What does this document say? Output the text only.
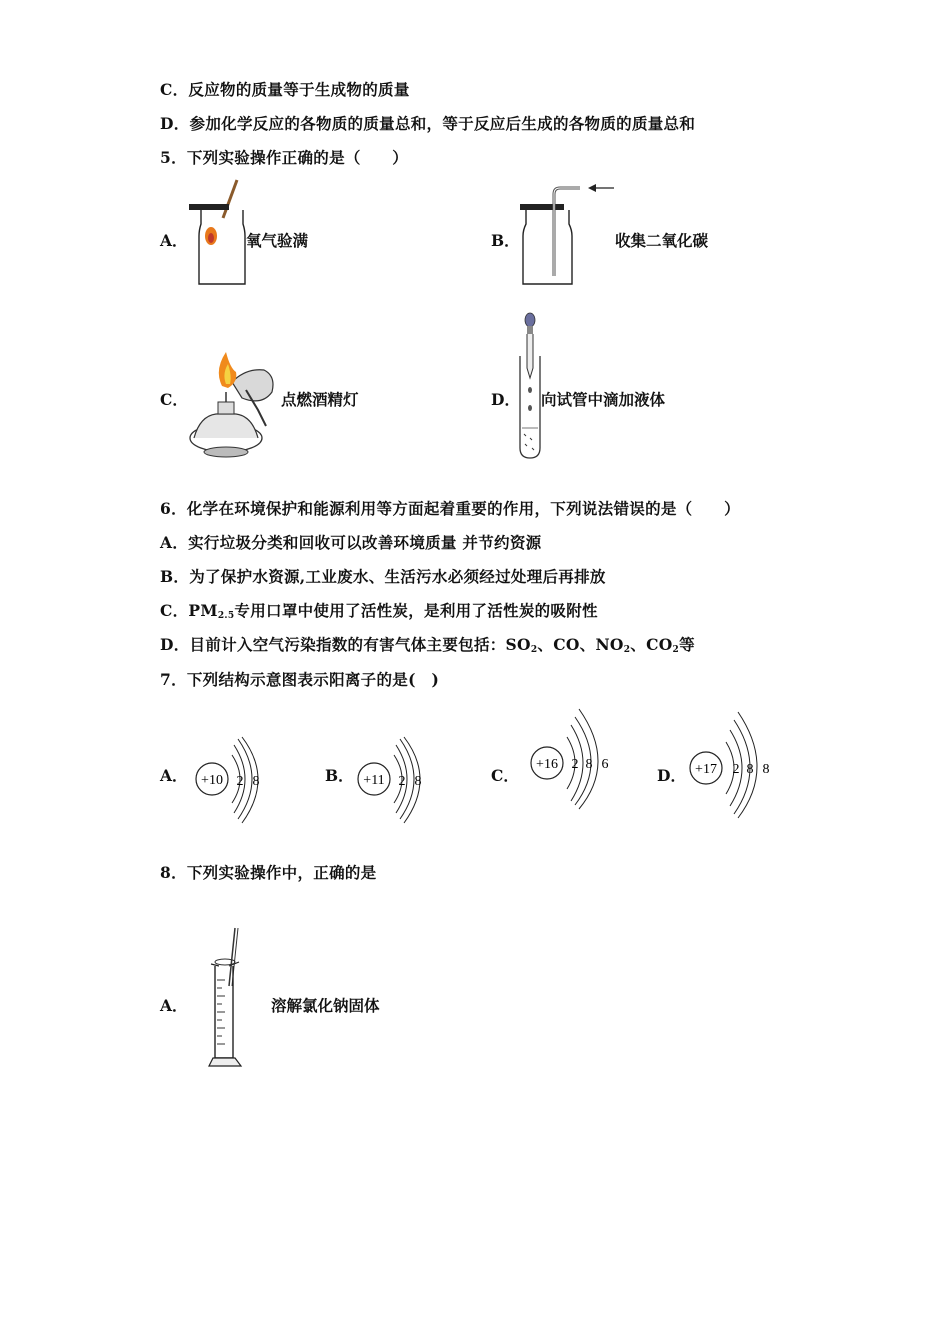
C．反应物的质量等于生成物的质量
D．参加化学反应的各物质的质量总和，等于反应后生成的各物质的质量总和
5．下列实验操作正确的是（　　）
A．	氧气验满	B．	收集二氧化碳
C．	点燃酒精灯	D． 向试管中滴加液体
6．化学在环境保护和能源利用等方面起着重要的作用，下列说法错误的是（　　）
A．实行垃圾分类和回收可以改善环境质量 并节约资源
B．为了保护水资源,工业废水、生活污水必须经过处理后再排放
C．$PM_{2.5}$专用口罩中使用了活性炭，是利用了活性炭的吸附性
D．目前计入空气污染指数的有害气体主要包括：$SO_2$、CO、$NO_2$、$CO_2$等
7．下列结构示意图表示阳离子的是(　)
A． +10 2 8	B． +11 2 8	C．
+16 2 8 6
D． +17 2 8 8
8．下列实验操作中，正确的是
A．	溶解氯化钠固体
